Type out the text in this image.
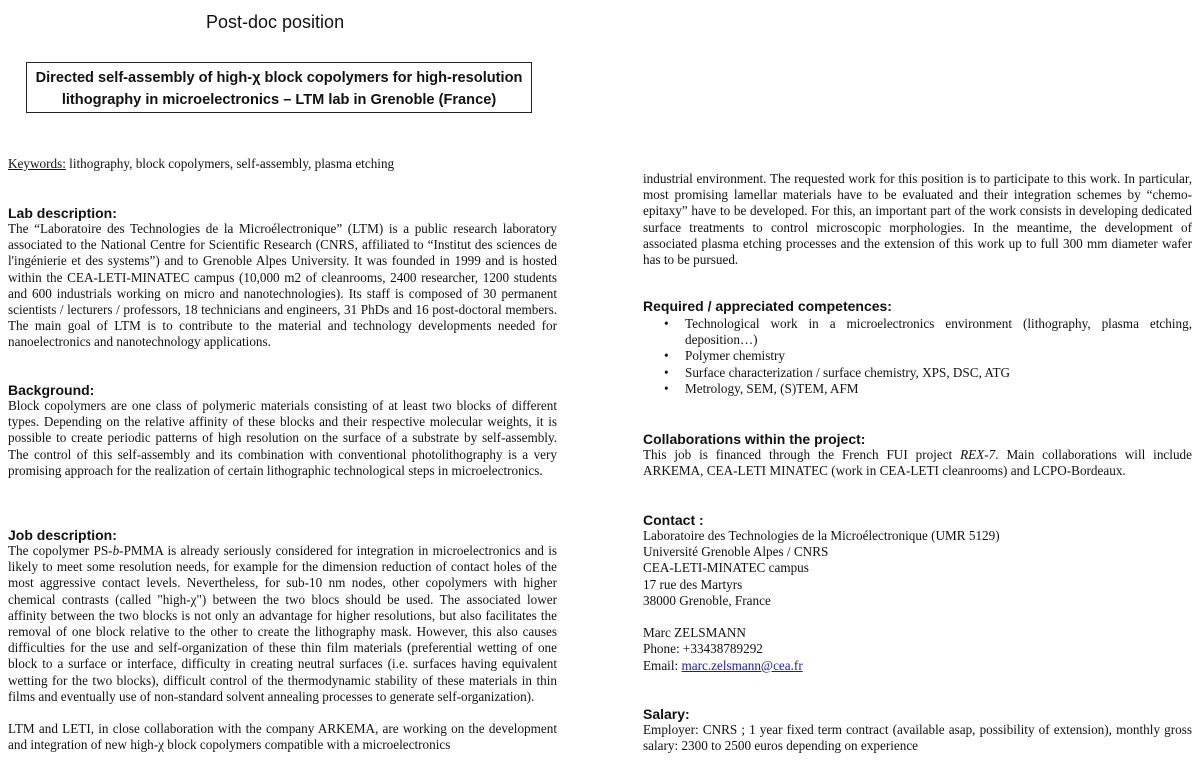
Post-doc position
Directed self-assembly of high-χ block copolymers for high-resolution
lithography in microelectronics – LTM lab in Grenoble (France)
Keywords: lithography, block copolymers, self-assembly, plasma etching
Lab description:
The “Laboratoire des Technologies de la Microélectronique” (LTM) is a public research laboratory associated to the National Centre for Scientific Research (CNRS, affiliated to “Institut des sciences de l'ingénierie et des systems”) and to Grenoble Alpes University. It was founded in 1999 and is hosted within the CEA-LETI-MINATEC campus (10,000 m2 of cleanrooms, 2400 researcher, 1200 students and 600 industrials working on micro and nanotechnologies). Its staff is composed of 30 permanent scientists / lecturers / professors, 18 technicians and engineers, 31 PhDs and 16 post-doctoral members. The main goal of LTM is to contribute to the material and technology developments needed for nanoelectronics and nanotechnology applications.
Background:
Block copolymers are one class of polymeric materials consisting of at least two blocks of different types. Depending on the relative affinity of these blocks and their respective molecular weights, it is possible to create periodic patterns of high resolution on the surface of a substrate by self-assembly. The control of this self-assembly and its combination with conventional photolithography is a very promising approach for the realization of certain lithographic technological steps in microelectronics.
Job description:
The copolymer PS-b-PMMA is already seriously considered for integration in microelectronics and is likely to meet some resolution needs, for example for the dimension reduction of contact holes of the most aggressive contact levels. Nevertheless, for sub-10 nm nodes, other copolymers with higher chemical contrasts (called "high-χ") between the two blocs should be used. The associated lower affinity between the two blocks is not only an advantage for higher resolutions, but also facilitates the removal of one block relative to the other to create the lithography mask. However, this also causes difficulties for the use and self-organization of these thin film materials (preferential wetting of one block to a surface or interface, difficulty in creating neutral surfaces (i.e. surfaces having equivalent wetting for the two blocks), difficult control of the thermodynamic stability of these materials in thin films and eventually use of non-standard solvent annealing processes to generate self-organization).
LTM and LETI, in close collaboration with the company ARKEMA, are working on the development and integration of new high-χ block copolymers compatible with a microelectronics
industrial environment. The requested work for this position is to participate to this work. In particular, most promising lamellar materials have to be evaluated and their integration schemes by “chemo-epitaxy” have to be developed. For this, an important part of the work consists in developing dedicated surface treatments to control microscopic morphologies. In the meantime, the development of associated plasma etching processes and the extension of this work up to full 300 mm diameter wafer has to be pursued.
Required / appreciated competences:
• Technological work in a microelectronics environment (lithography, plasma etching, deposition…)
• Polymer chemistry
• Surface characterization / surface chemistry, XPS, DSC, ATG
• Metrology, SEM, (S)TEM, AFM
Collaborations within the project:
This job is financed through the French FUI project REX-7. Main collaborations will include ARKEMA, CEA-LETI MINATEC (work in CEA-LETI cleanrooms) and LCPO-Bordeaux.
Contact :
Laboratoire des Technologies de la Microélectronique (UMR 5129)
Université Grenoble Alpes / CNRS
CEA-LETI-MINATEC campus
17 rue des Martyrs
38000 Grenoble, France
Marc ZELSMANN
Phone: +33438789292
Email: marc.zelsmann@cea.fr
Salary:
Employer: CNRS ; 1 year fixed term contract (available asap, possibility of extension), monthly gross salary: 2300 to 2500 euros depending on experience
